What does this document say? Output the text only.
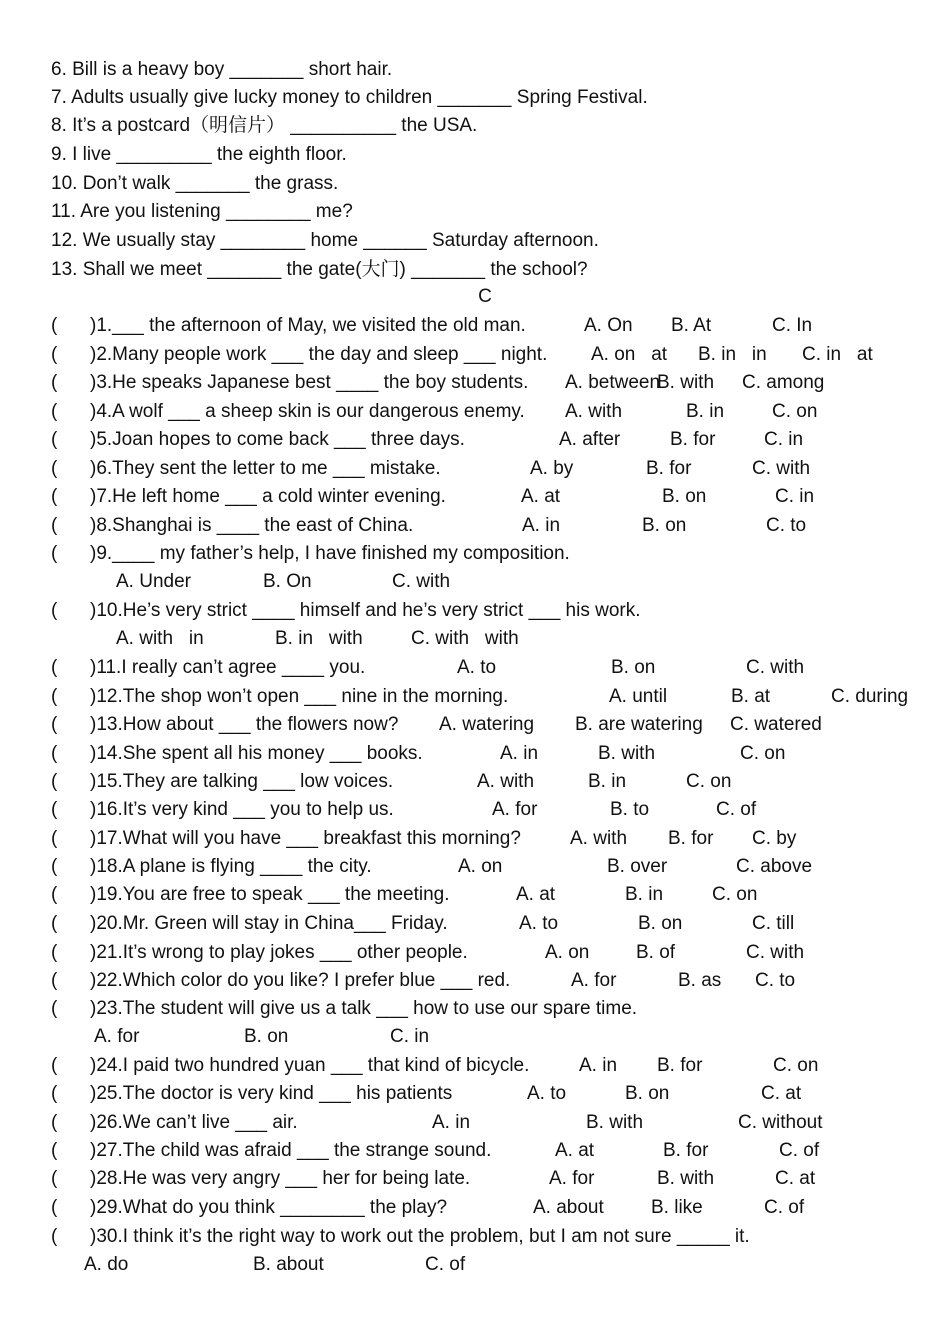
6. Bill is a heavy boy _______ short hair.
7. Adults usually give lucky money to children _______ Spring Festival.
8. It’s a postcard（明信片） __________ the USA.
9. I live _________ the eighth floor.
10. Don’t walk _______ the grass.
11. Are you listening ________ me?
12. We usually stay ________ home ______ Saturday afternoon.
13. Shall we meet _______ the gate(大门) _______ the school?
C
( )1.___ the afternoon of May, we visited the old man.	A. On B. At	C. In
( )2.Many people work ___ the day and sleep ___ night. A. on   at B. in   in C. in   at
( )3.He speaks Japanese best ____ the boy students. A. between
B. with C. among
( )4.A wolf ___ a sheep skin is our dangerous enemy. A. with	B. in	C. on
( )5.Joan hopes to come back ___ three days.	A. after	B. for	C. in
( )6.They sent the letter to me ___ mistake.	A. by	B. for	C. with
( )7.He left home ___ a cold winter evening.	A. at	B. on	C. in
( )8.Shanghai is ____ the east of China.	A. in	B. on	C. to
( )9.____ my father’s help, I have finished my composition.
A. Under	B. On	C. with
( )10.He’s very strict ____ himself and he’s very strict ___ his work.
A. with   in	B. in   with	C. with   with
( )11.I really can’t agree ____ you.	A. to	B. on	C. with
( )12.The shop won’t open ___ nine in the morning.	A. until	B. at	C. during
( )13.How about ___ the flowers now? A. watering B. are watering C. watered
( )14.She spent all his money ___ books.	A. in	B. with	C. on
( )15.They are talking ___ low voices.	A. with	B. in	C. on
( )16.It’s very kind ___ you to help us.	A. for	B. to	C. of
( )17.What will you have ___ breakfast this morning?	A. with B. for C. by
( )18.A plane is flying ____ the city.	A. on	B. over	C. above
( )19.You are free to speak ___ the meeting.	A. at	B. in	C. on
( )20.Mr. Green will stay in China___ Friday.	A. to	B. on	C. till
( )21.It’s wrong to play jokes ___ other people.	A. on B. of	C. with
( )22.Which color do you like? I prefer blue ___ red.	A. for	B. as C. to
( )23.The student will give us a talk ___ how to use our spare time.
A. for	B. on	C. in
( )24.I paid two hundred yuan ___ that kind of bicycle.	A. in B. for	C. on
( )25.The doctor is very kind ___ his patients	A. to	B. on	C. at
( )26.We can’t live ___ air.	A. in	B. with	C. without
( )27.The child was afraid ___ the strange sound.	A. at	B. for	C. of
( )28.He was very angry ___ her for being late.	A. for	B. with	C. at
( )29.What do you think ________ the play?	A. about B. like	C. of
( )30.I think it’s the right way to work out the problem, but I am not sure _____ it.
A. do	B. about	C. of
